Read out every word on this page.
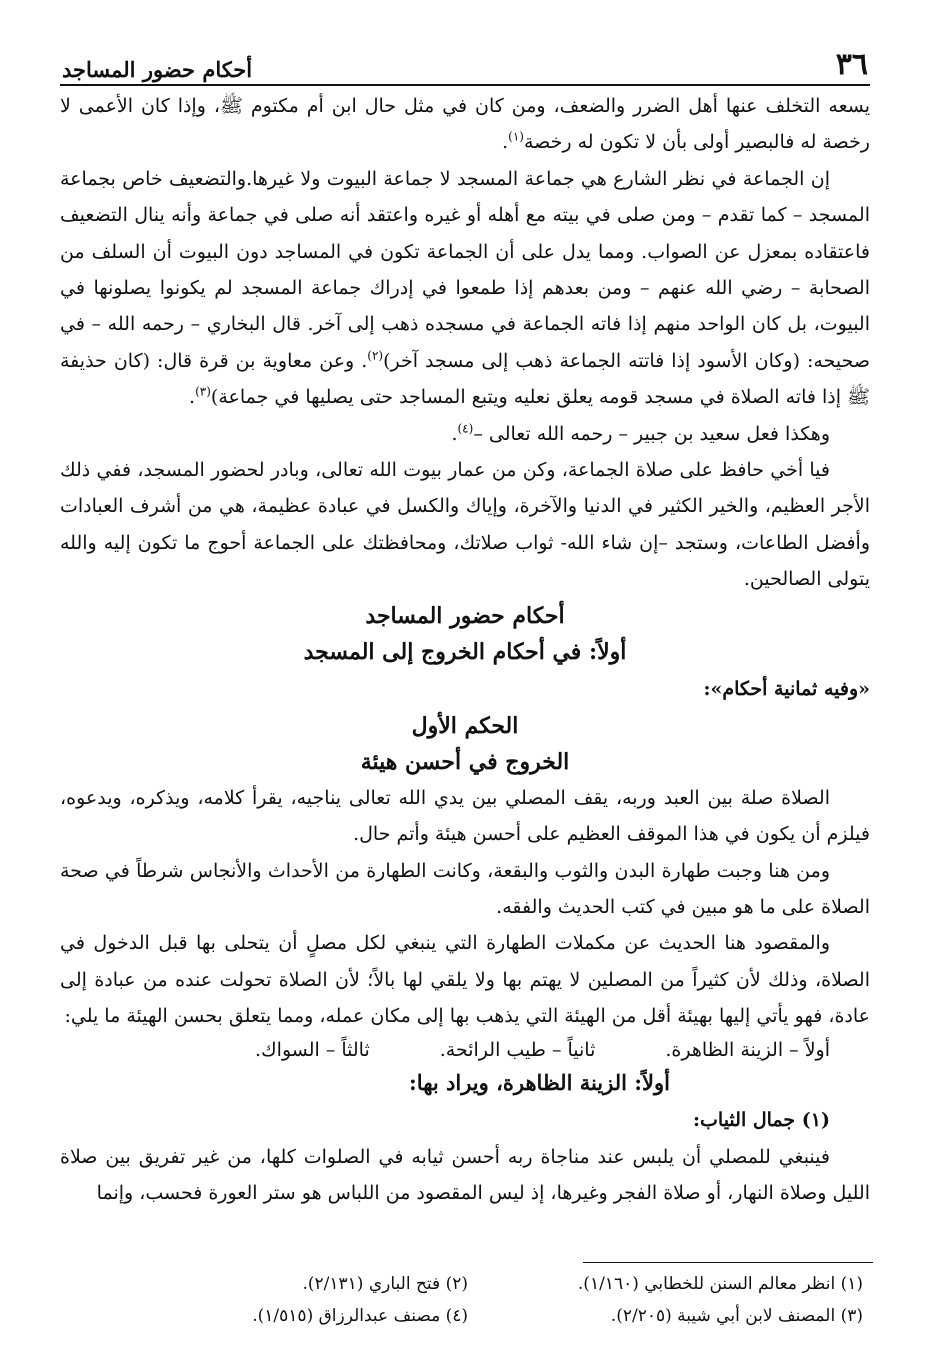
٣٦
أحكام حضور المساجد

يسعه التخلف عنها أهل الضرر والضعف، ومن كان في مثل حال ابن أم مكتوم ﷺ، وإذا كان الأعمى لا رخصة له فالبصير أولى بأن لا تكون له رخصة$^{(١)}$.

إن الجماعة في نظر الشارع هي جماعة المسجد لا جماعة البيوت ولا غيرها.والتضعيف خاص بجماعة المسجد – كما تقدم – ومن صلى في بيته مع أهله أو غيره واعتقد أنه صلى في جماعة وأنه ينال التضعيف فاعتقاده بمعزل عن الصواب. ومما يدل على أن الجماعة تكون في المساجد دون البيوت أن السلف من الصحابة – رضي الله عنهم – ومن بعدهم إذا طمعوا في إدراك جماعة المسجد لم يكونوا يصلونها في البيوت، بل كان الواحد منهم إذا فاته الجماعة في مسجده ذهب إلى آخر. قال البخاري – رحمه الله – في صحيحه: (وكان الأسود إذا فاتته الجماعة ذهب إلى مسجد آخر)$^{(٢)}$. وعن معاوية بن قرة قال: (كان حذيفة ﷺ إذا فاته الصلاة في مسجد قومه يعلق نعليه ويتبع المساجد حتى يصليها في جماعة)$^{(٣)}$.

وهكذا فعل سعيد بن جبير – رحمه الله تعالى –$^{(٤)}$.

فيا أخي حافظ على صلاة الجماعة، وكن من عمار بيوت الله تعالى، وبادر لحضور المسجد، ففي ذلك الأجر العظيم، والخير الكثير في الدنيا والآخرة، وإياك والكسل في عبادة عظيمة، هي من أشرف العبادات وأفضل الطاعات، وستجد –إن شاء الله- ثواب صلاتك، ومحافظتك على الجماعة أحوج ما تكون إليه والله يتولى الصالحين.

أحكام حضور المساجد

أولاً: في أحكام الخروج إلى المسجد

«وفيه ثمانية أحكام»:

الحكم الأول

الخروج في أحسن هيئة

الصلاة صلة بين العبد وربه، يقف المصلي بين يدي الله تعالى يناجيه، يقرأ كلامه، ويذكره، ويدعوه، فيلزم أن يكون في هذا الموقف العظيم على أحسن هيئة وأتم حال.

ومن هنا وجبت طهارة البدن والثوب والبقعة، وكانت الطهارة من الأحداث والأنجاس شرطاً في صحة الصلاة على ما هو مبين في كتب الحديث والفقه.

والمقصود هنا الحديث عن مكملات الطهارة التي ينبغي لكل مصلٍ أن يتحلى بها قبل الدخول في الصلاة، وذلك لأن كثيراً من المصلين لا يهتم بها ولا يلقي لها بالاً؛ لأن الصلاة تحولت عنده من عبادة إلى عادة، فهو يأتي إليها بهيئة أقل من الهيئة التي يذهب بها إلى مكان عمله، ومما يتعلق بحسن الهيئة ما يلي:

أولاً – الزينة الظاهرة.
ثانياً – طيب الرائحة.
ثالثاً – السواك.

أولاً: الزينة الظاهرة، ويراد بها:

(١) جمال الثياب:

فينبغي للمصلي أن يلبس عند مناجاة ربه أحسن ثيابه في الصلوات كلها، من غير تفريق بين صلاة الليل وصلاة النهار، أو صلاة الفجر وغيرها، إذ ليس المقصود من اللباس هو ستر العورة فحسب، وإنما

(١) انظر معالم السنن للخطابي (١/١٦٠).
(٢) فتح الباري (٢/١٣١).
(٣) المصنف لابن أبي شيبة (٢/٢٠٥).
(٤) مصنف عبدالرزاق (١/٥١٥).
